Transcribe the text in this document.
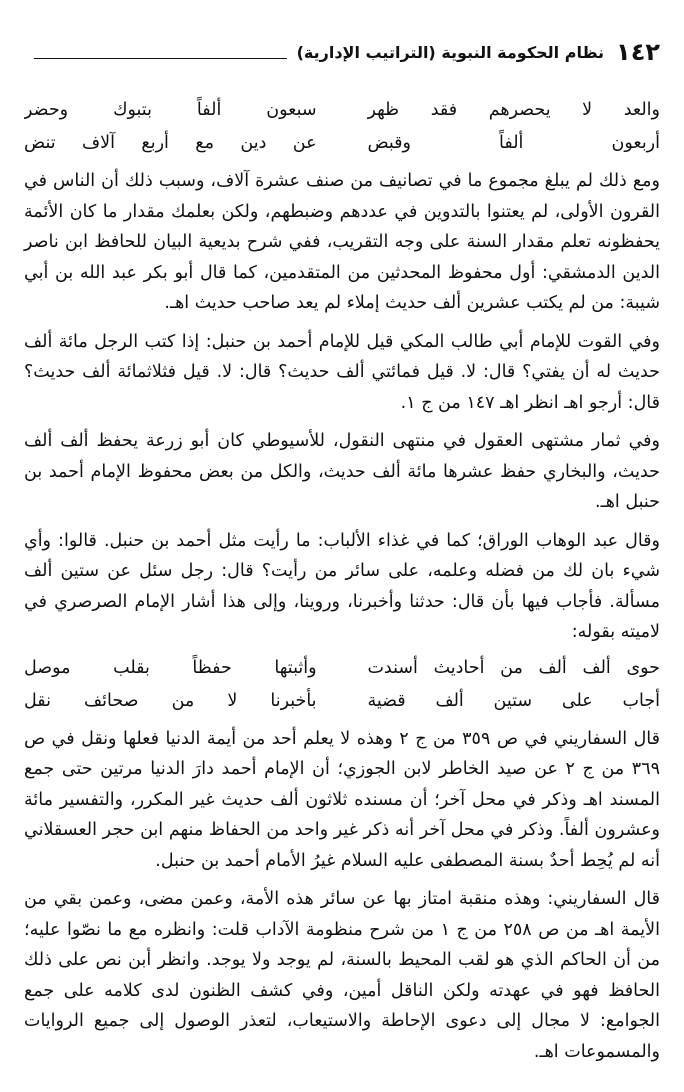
١٤٢
نظام الحكومة النبوية (التراتيب الإدارية)
والعد لا يحصرهم فقد ظهر
سبعون ألفاً بتبوك وحضر
أربعون ألفاً وقبض
عن دين مع أربع آلاف تنض

ومع ذلك لم يبلغ مجموع ما في تصانيف من صنف عشرة آلاف، وسبب ذلك أن الناس في القرون الأولى، لم يعتنوا بالتدوين في عددهم وضبطهم، ولكن بعلمك مقدار ما كان الأئمة يحفظونه تعلم مقدار السنة على وجه التقريب، ففي شرح بديعية البيان للحافظ ابن ناصر الدين الدمشقي: أول محفوظ المحدثين من المتقدمين، كما قال أبو بكر عبد الله بن أبي شيبة: من لم يكتب عشرين ألف حديث إملاء لم يعد صاحب حديث اهـ.

وفي القوت للإمام أبي طالب المكي قيل للإمام أحمد بن حنبل: إذا كتب الرجل مائة ألف حديث له أن يفتي؟ قال: لا. قيل فمائتي ألف حديث؟ قال: لا. قيل فثلاثمائة ألف حديث؟ قال: أرجو اهـ انظر اهـ ١٤٧ من ج ١.

وفي ثمار مشتهى العقول في منتهى النقول، للأسيوطي كان أبو زرعة يحفظ ألف ألف حديث، والبخاري حفظ عشرها مائة ألف حديث، والكل من بعض محفوظ الإمام أحمد بن حنبل اهـ.

وقال عبد الوهاب الوراق؛ كما في غذاء الألباب: ما رأيت مثل أحمد بن حنبل. قالوا: وأي شيء بان لك من فضله وعلمه، على سائر من رأيت؟ قال: رجل سئل عن ستين ألف مسألة. فأجاب فيها بأن قال: حدثنا وأخبرنا، وروينا، وإلى هذا أشار الإمام الصرصري في لاميته بقوله:

حوى ألف ألف من أحاديث أسندت
وأثبتها حفظاً بقلب موصل
أجاب على ستين ألف قضية
بأخبرنا لا من صحائف نقل

قال السفاريني في ص ٣٥٩ من ج ٢ وهذه لا يعلم أحد من أيمة الدنيا فعلها ونقل في ص ٣٦٩ من ج ٢ عن صيد الخاطر لابن الجوزي؛ أن الإمام أحمد دارَ الدنيا مرتين حتى جمع المسند اهـ وذكر في محل آخر؛ أن مسنده ثلاثون ألف حديث غير المكرر، والتفسير مائة وعشرون ألفاً. وذكر في محل آخر أنه ذكر غير واحد من الحفاظ منهم ابن حجر العسقلاني أنه لم يُحِط أحدٌ بسنة المصطفى عليه السلام غيرُ الأمام أحمد بن حنبل.

قال السفاريني: وهذه منقبة امتاز بها عن سائر هذه الأمة، وعمن مضى، وعمن بقي من الأيمة اهـ من ص ٢٥٨ من ج ١ من شرح منظومة الآداب قلت: وانظره مع ما نصّوا عليه؛ من أن الحاكم الذي هو لقب المحيط بالسنة، لم يوجد ولا يوجد. وانظر أبن نص على ذلك الحافظ فهو في عهدته ولكن الناقل أمين، وفي كشف الظنون لدى كلامه على جمع الجوامع: لا مجال إلى دعوى الإحاطة والاستيعاب، لتعذر الوصول إلى جميع الروايات والمسموعات اهـ.
